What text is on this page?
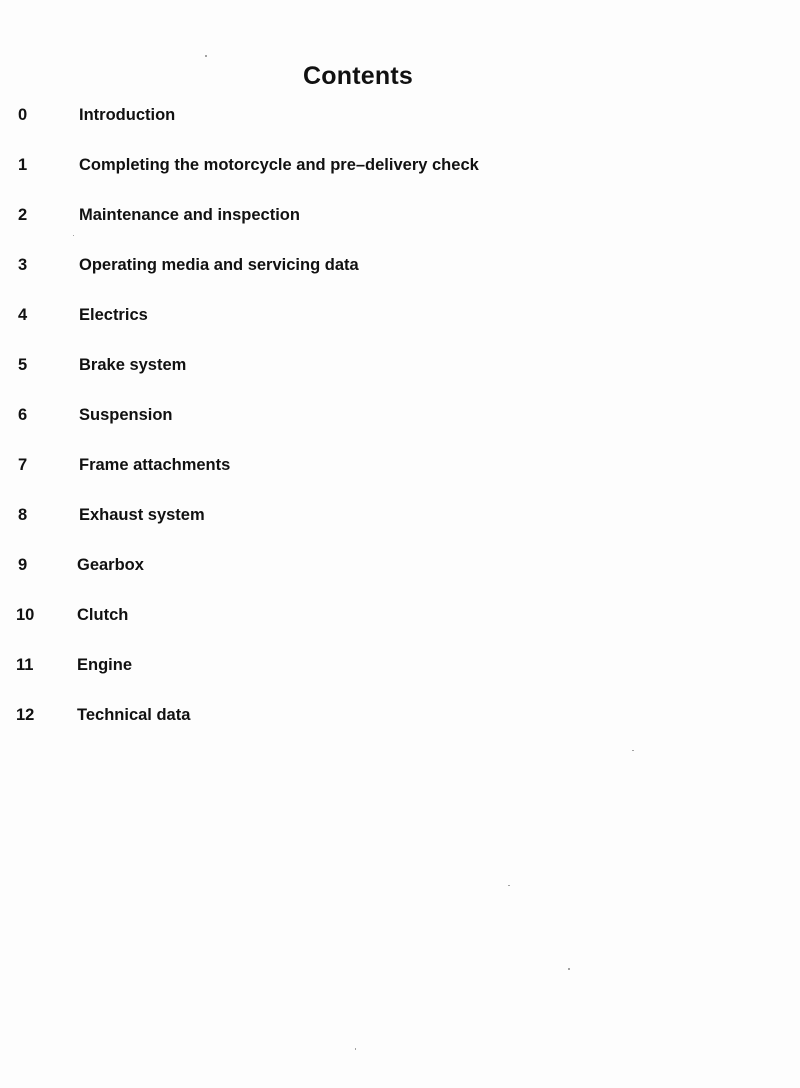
Contents
0	Introduction
1	Completing the motorcycle and pre–delivery check
2	Maintenance and inspection
3	Operating media and servicing data
4	Electrics
5	Brake system
6	Suspension
7	Frame attachments
8	Exhaust system
9	Gearbox
10	Clutch
11	Engine
12	Technical data
